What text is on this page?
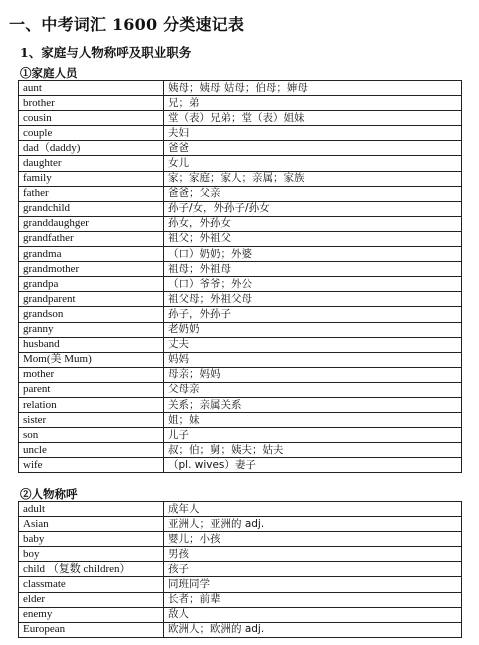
一、中考词汇 1600 分类速记表
1、家庭与人物称呼及职业职务
①家庭人员
aunt	姨母；姨母 姑母；伯母；婶母
brother	兄；弟
cousin	堂（表）兄弟；堂（表）姐妹
couple	夫妇
dad（daddy)	爸爸
daughter	女儿
family	家；家庭；家人；亲属；家族
father	爸爸；父亲
grandchild	孙子/女，外孙子/孙女
granddaughger	孙女，外孙女
grandfather	祖父；外祖父
grandma	（口）奶奶；外婆
grandmother	祖母；外祖母
grandpa	（口）爷爷；外公
grandparent	祖父母；外祖父母
grandson	孙子，外孙子
granny	老奶奶
husband	丈夫
Mom(美 Mum)	妈妈
mother	母亲；妈妈
parent	父母亲
relation	关系；亲属关系
sister	姐；妹
son	儿子
uncle	叔；伯；舅；姨夫；姑夫
wife	（pl. wives）妻子
②人物称呼
adult	成年人
Asian	亚洲人；亚洲的 adj.
baby	婴儿；小孩
boy	男孩
child （复数 children）	孩子
classmate	同班同学
elder	长者；前辈
enemy	敌人
European	欧洲人；欧洲的 adj.
